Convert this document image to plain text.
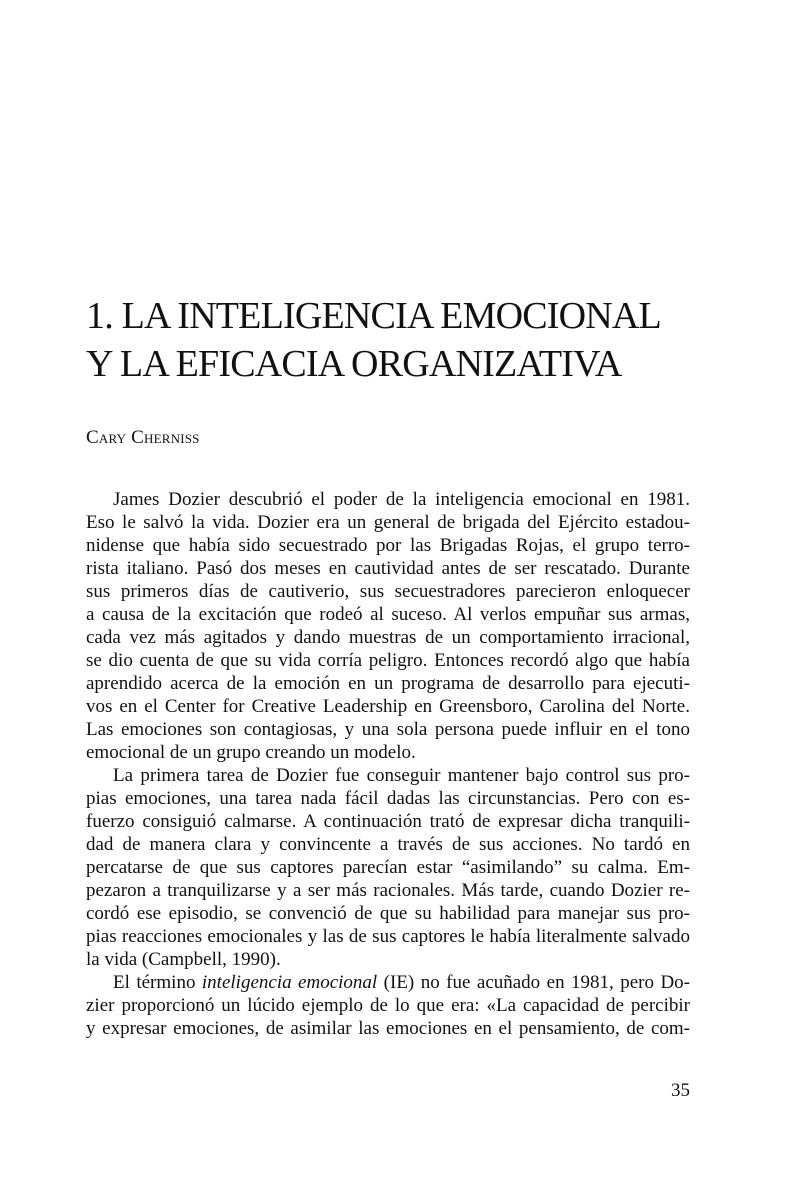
1. LA INTELIGENCIA EMOCIONAL
Y LA EFICACIA ORGANIZATIVA

Cary Cherniss

James Dozier descubrió el poder de la inteligencia emocional en 1981.
Eso le salvó la vida. Dozier era un general de brigada del Ejército estadou-
nidense que había sido secuestrado por las Brigadas Rojas, el grupo terro-
rista italiano. Pasó dos meses en cautividad antes de ser rescatado. Durante
sus primeros días de cautiverio, sus secuestradores parecieron enloquecer
a causa de la excitación que rodeó al suceso. Al verlos empuñar sus armas,
cada vez más agitados y dando muestras de un comportamiento irracional,
se dio cuenta de que su vida corría peligro. Entonces recordó algo que había
aprendido acerca de la emoción en un programa de desarrollo para ejecuti-
vos en el Center for Creative Leadership en Greensboro, Carolina del Norte.
Las emociones son contagiosas, y una sola persona puede influir en el tono
emocional de un grupo creando un modelo.

La primera tarea de Dozier fue conseguir mantener bajo control sus pro-
pias emociones, una tarea nada fácil dadas las circunstancias. Pero con es-
fuerzo consiguió calmarse. A continuación trató de expresar dicha tranquili-
dad de manera clara y convincente a través de sus acciones. No tardó en
percatarse de que sus captores parecían estar “asimilando” su calma. Em-
pezaron a tranquilizarse y a ser más racionales. Más tarde, cuando Dozier re-
cordó ese episodio, se convenció de que su habilidad para manejar sus pro-
pias reacciones emocionales y las de sus captores le había literalmente salvado
la vida (Campbell, 1990).

El término inteligencia emocional (IE) no fue acuñado en 1981, pero Do-
zier proporcionó un lúcido ejemplo de lo que era: «La capacidad de percibir
y expresar emociones, de asimilar las emociones en el pensamiento, de com-

35
